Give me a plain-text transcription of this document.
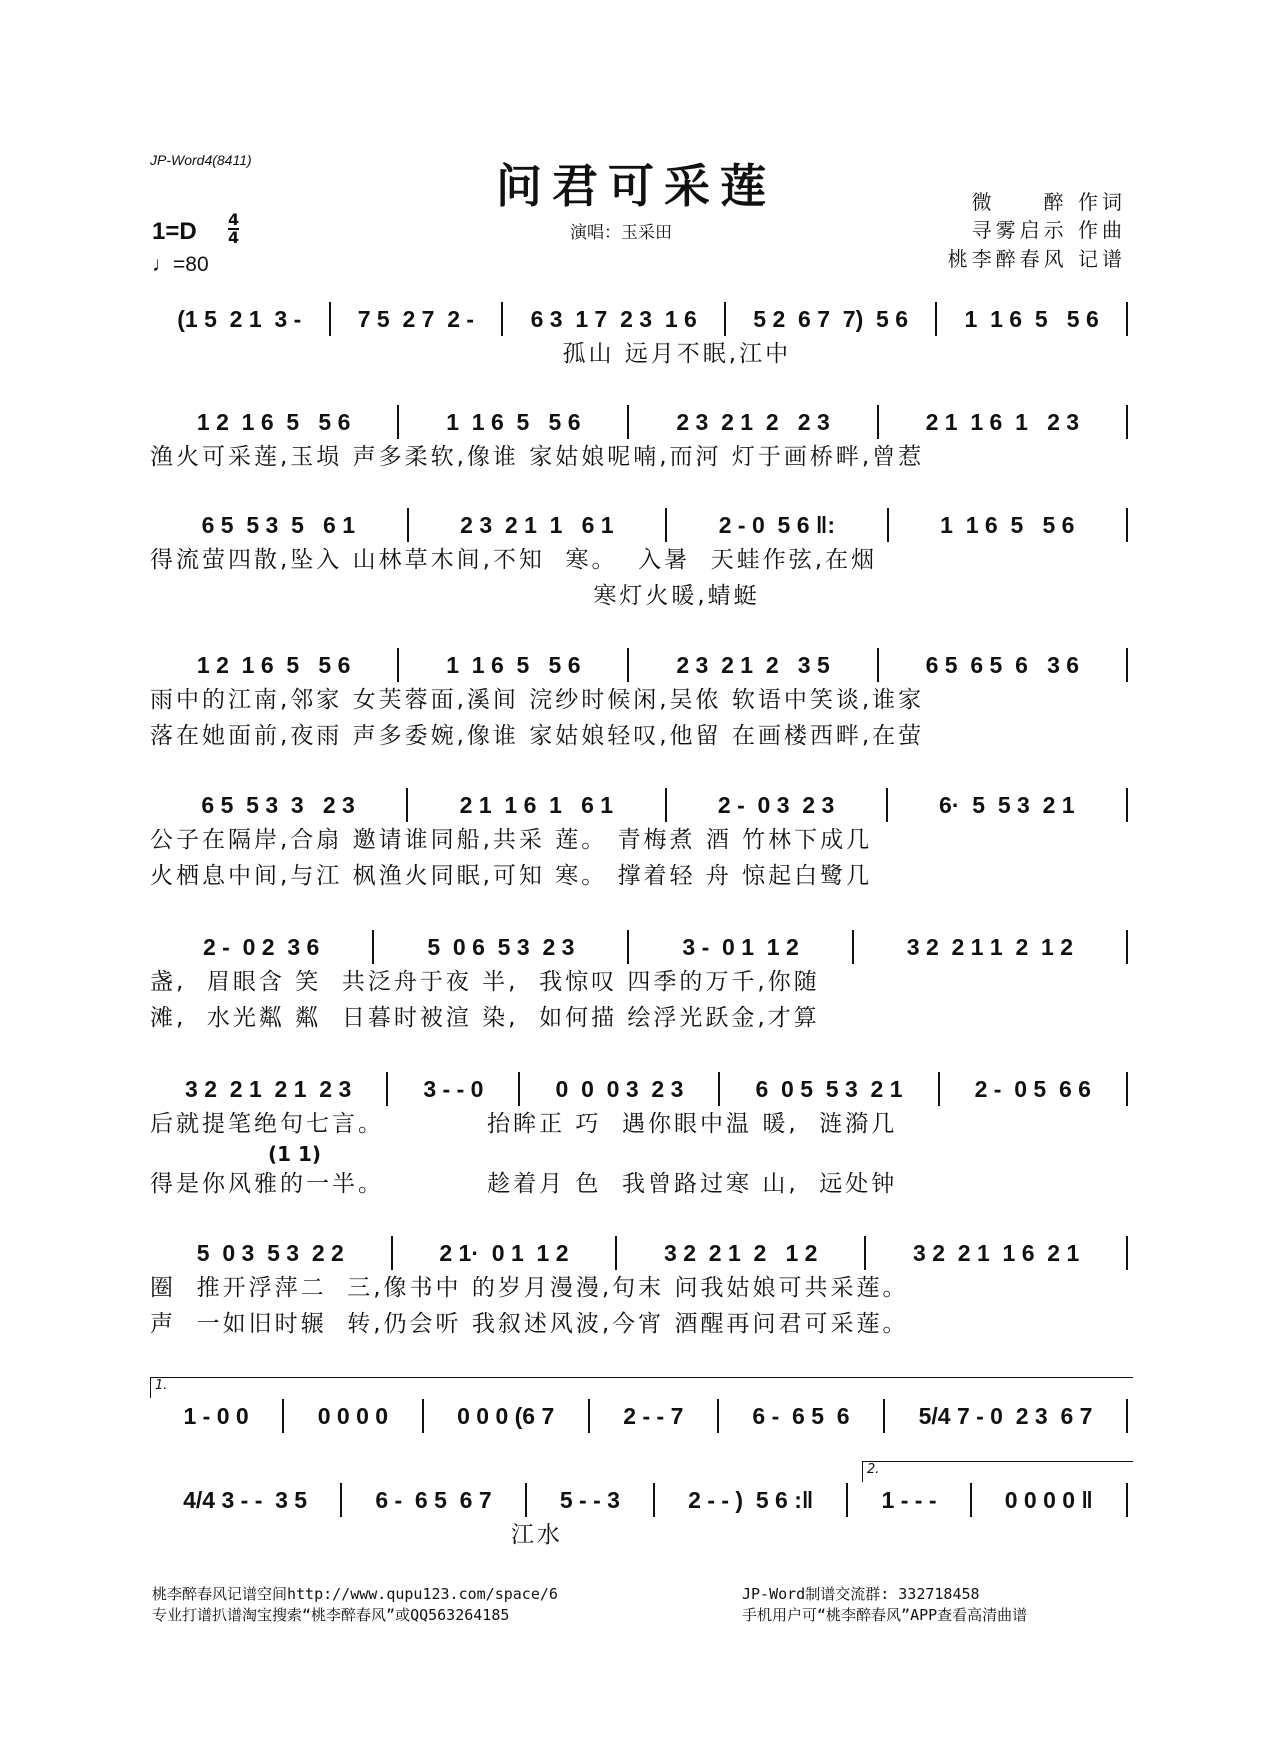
JP-Word4(8411)	问君可采莲
演唱：玉采田
1=D 4
4
♩=80
微　　醉 作词
寻雾启示 作曲
桃李醉春风 记谱
(1 5  2 1  3 -	7 5  2 7  2 -	6 3  1 7  2 3  1 6	5 2  6 7  7)  5 6	1  1 6  5   5 6
孤山 远月不眠,江中
1 2  1 6  5   5 6	1  1 6  5   5 6	2 3  2 1  2   2 3	2 1  1 6  1   2 3
渔火可采莲,玉埙 声多柔软,像谁 家姑娘呢喃,而河 灯于画桥畔,曾惹
6 5  5 3  5   6 1	2 3  2 1  1   6 1	2 - 0  5 6 ‖:	1  1 6  5   5 6
得流萤四散,坠入 山林草木间,不知  寒。  入暑  天蛙作弦,在烟
寒灯火暖,蜻蜓
1 2  1 6  5   5 6	1  1 6  5   5 6	2 3  2 1  2   3 5	6 5  6 5  6   3 6
雨中的江南,邻家 女芙蓉面,溪间 浣纱时候闲,吴侬 软语中笑谈,谁家
落在她面前,夜雨 声多委婉,像谁 家姑娘轻叹,他留 在画楼西畔,在萤
6 5  5 3  3   2 3	2 1  1 6  1   6 1	2 -  0 3  2 3	6·  5  5 3  2 1
公子在隔岸,合扇 邀请谁同船,共采 莲。 青梅煮 酒 竹林下成几
火栖息中间,与江 枫渔火同眠,可知 寒。 撑着轻 舟 惊起白鹭几
2 -  0 2  3 6	5  0 6  5 3  2 3	3 -  0 1  1 2	3 2  2 1 1  2  1 2
盏,  眉眼含 笑  共泛舟于夜 半,  我惊叹 四季的万千,你随
滩,  水光粼 粼  日暮时被渲 染,  如何描 绘浮光跃金,才算
3 2  2 1  2 1  2 3	3 - - 0	0  0  0 3  2 3	6  0 5  5 3  2 1	2 -  0 5  6 6
后就提笔绝句七言。          抬眸正 巧  遇你眼中温 暖,  涟漪几
得是你风雅的一半。          趁着月 色  我曾路过寒 山,  远处钟
5  0 3  5 3  2 2	2 1·  0 1  1 2	3 2  2 1  2   1 2	3 2  2 1  1 6  2 1
圈  推开浮萍二  三,像书中 的岁月漫漫,句末 问我姑娘可共采莲。
声  一如旧时辗  转,仍会听 我叙述风波,今宵 酒醒再问君可采莲。
1.
1 - 0 0	0 0 0 0	0 0 0 (6 7	2 - - 7	6 -  6 5  6	5/4 7 - 0  2 3  6 7
2.
4/4 3 - -  3 5	6 -  6 5  6 7	5 - - 3	2 - - )  5 6 :‖	1 - - -	0 0 0 0 ‖
江水
(1 1)
桃李醉春风记谱空间http://www.qupu123.com/space/6
专业打谱扒谱淘宝搜索“桃李醉春风”或QQ563264185
JP-Word制谱交流群: 332718458
手机用户可“桃李醉春风”APP查看高清曲谱
